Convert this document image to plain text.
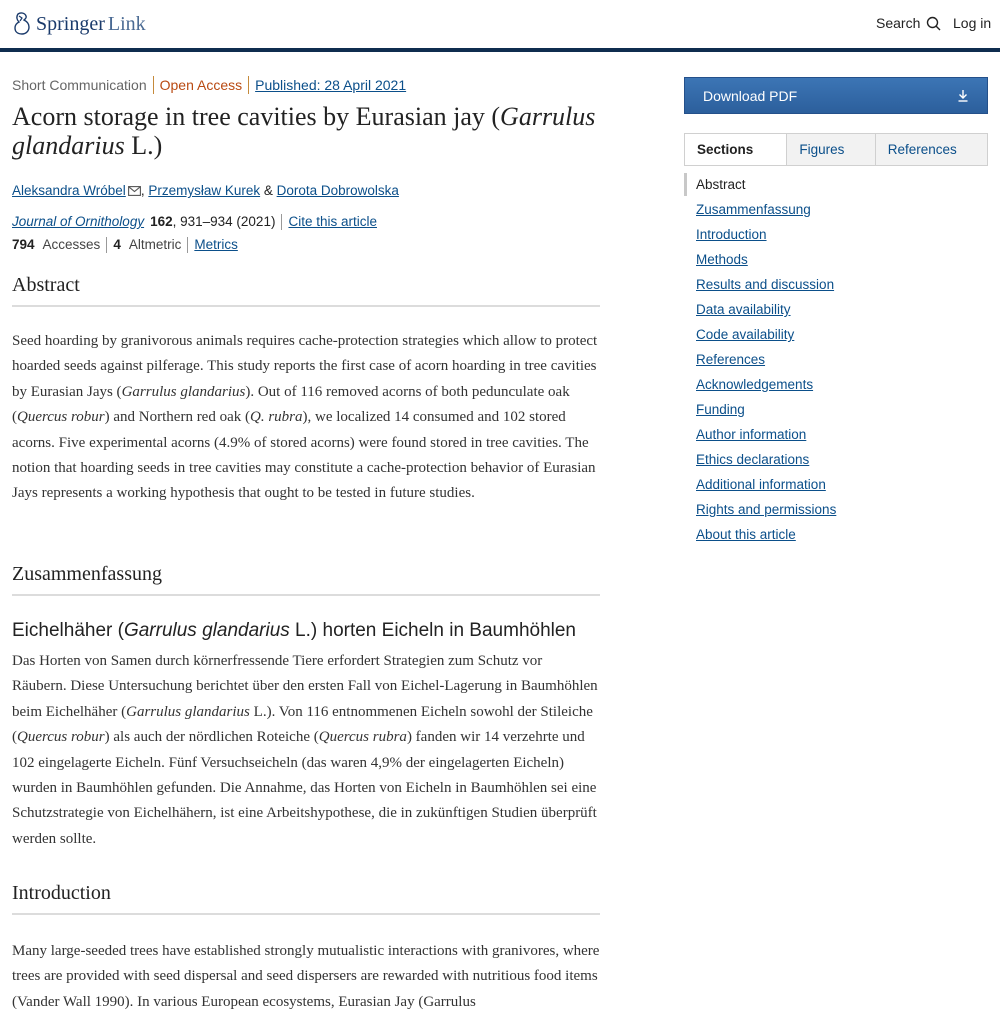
Springer Link	Search Log in
Short Communication Open Access Published: 28 April 2021
Acorn storage in tree cavities by Eurasian jay (Garrulus glandarius L.)
Aleksandra Wróbel , Przemysław Kurek & Dorota Dobrowolska
Journal of Ornithology 162 , 931–934 (2021) Cite this article
794 Accesses 4 Altmetric Metrics
Abstract

Seed hoarding by granivorous animals requires cache-protection strategies which allow to protect hoarded seeds against pilferage. This study reports the first case of acorn hoarding in tree cavities by Eurasian Jays (Garrulus glandarius). Out of 116 removed acorns of both pedunculate oak (Quercus robur) and Northern red oak (Q. rubra), we localized 14 consumed and 102 stored acorns. Five experimental acorns (4.9% of stored acorns) were found stored in tree cavities. The notion that hoarding seeds in tree cavities may constitute a cache-protection behavior of Eurasian Jays represents a working hypothesis that ought to be tested in future studies.

Zusammenfassung
Eichelhäher (Garrulus glandarius L.) horten Eicheln in Baumhöhlen

Das Horten von Samen durch körnerfressende Tiere erfordert Strategien zum Schutz vor Räubern. Diese Untersuchung berichtet über den ersten Fall von Eichel-Lagerung in Baumhöhlen beim Eichelhäher (Garrulus glandarius L.). Von 116 entnommenen Eicheln sowohl der Stileiche (Quercus robur) als auch der nördlichen Roteiche (Quercus rubra) fanden wir 14 verzehrte und 102 eingelagerte Eicheln. Fünf Versuchseicheln (das waren 4,9% der eingelagerten Eicheln) wurden in Baumhöhlen gefunden. Die Annahme, das Horten von Eicheln in Baumhöhlen sei eine Schutzstrategie von Eichelhähern, ist eine Arbeitshypothese, die in zukünftigen Studien überprüft werden sollte.

Introduction

Many large-seeded trees have established strongly mutualistic interactions with granivores, where trees are provided with seed dispersal and seed dispersers are rewarded with nutritious food items (Vander Wall 1990). In various European ecosystems, Eurasian Jay (Garrulus

Download PDF
Sections	Figures	References
Abstract
Zusammenfassung
Introduction
Methods
Results and discussion
Data availability
Code availability
References
Acknowledgements
Funding
Author information
Ethics declarations
Additional information
Rights and permissions
About this article
